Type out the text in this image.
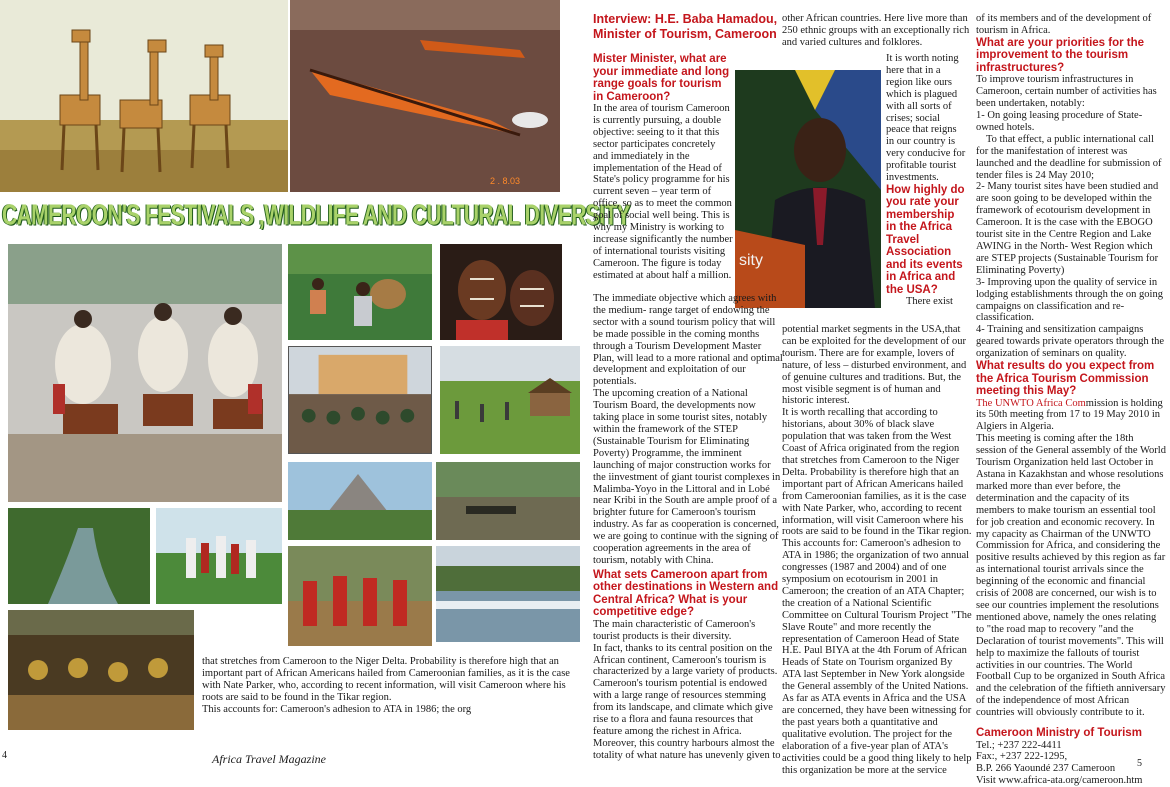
2 . 8.03
CAMEROON'S FESTIVALS ,WILDLIFE AND CULTURAL DIVERSITY
sity

that stretches from Cameroon to the Niger Delta. Probability is therefore high that an important part of African Americans hailed from Cameroonian families, as it is the case with Nate Parker, who, according to recent information, will visit Cameroon where his roots are said to be found in the Tikar region.

This accounts for: Cameroon's adhesion to ATA in 1986; the org

Interview: H.E. Baba Hamadou,
Minister of Tourism, Cameroon

Mister Minister, what are your immediate and long range goals for tourism in Cameroon?

In the area of tourism Cameroon is currently pursuing, a double objective: seeing to it that this sector participates concretely and immediately in the implementation of the Head of State's policy programme for his current seven – year term of office, so as to meet the common goal of social well being. This is why my Ministry is working to increase significantly the number of international tourists visiting Cameroon. The figure is today estimated at about half a million.

The immediate objective which agrees with the medium- range target of endowing the sector with a sound tourism policy that will be made possible in the coming months through a Tourism Development Master Plan, will lead to a more rational and optimal development and exploitation of our potentials.

The upcoming creation of a National Tourism Board, the developments now taking place in some tourist sites, notably within the framework of the STEP (Sustainable Tourism for Eliminating Poverty) Programme, the imminent launching of major construction works for the iinvestment of giant tourist complexes in Malimba-Yoyo in the Littoral and in Lobé near Kribi in the South are ample proof of a brighter future for Cameroon's tourism industry. As far as cooperation is concerned, we are going to continue with the signing of cooperation agreements in the area of tourism, notably with China.

What sets Cameroon apart from other destinations in Western and Central Africa? What is your competitive edge?

The main characteristic of Cameroon's tourist products is their diversity.

In fact, thanks to its central position on the African continent, Cameroon's tourism is characterized by a large variety of products. Cameroon's tourism potential is endowed with a large range of resources stemming from its landscape, and climate which give rise to a flora and fauna resources that feature among the richest in Africa. Moreover, this country harbours almost the totality of what nature has unevenly given to

other African countries. Here live more than 250 ethnic groups with an exceptionally rich and varied cultures and folklores.

It is worth noting here that in a region like ours which is plagued with all sorts of crises; social peace that reigns in our country is very conducive for profitable tourist investments.

How highly do you rate your membership in the Africa Travel Association and its events in Africa and the USA?

There exist

potential market segments in the USA,that can be exploited for the development of our tourism. There are for example, lovers of nature, of less – disturbed environment, and of genuine cultures and traditions. But, the most visible segment is of human and historic interest.

It is worth recalling that according to historians, about 30% of black slave population that was taken from the West Coast of Africa originated from the region that stretches from Cameroon to the Niger Delta. Probability is therefore high that an important part of African Americans hailed from Cameroonian families, as it is the case with Nate Parker, who, according to recent information, will visit Cameroon where his roots are said to be found in the Tikar region.

This accounts for: Cameroon's adhesion to ATA in 1986; the organization of two annual congresses (1987 and 2004) and of one symposium on ecotourism in 2001 in Cameroon; the creation of an ATA Chapter; the creation of a National Scientific Committee on Cultural Tourism Project "The Slave Route" and more recently the representation of Cameroon Head of State H.E. Paul BIYA at the 4th Forum of African Heads of State on Tourism organized By ATA last September in New York alongside the General assembly of the United Nations. As far as ATA events in Africa and the USA are concerned, they have been witnessing for the past years both a quantitative and qualitative evolution. The project for the elaboration of a five-year plan of ATA's activities could be a good thing likely to help this organization be more at the service

of its members and of the development of tourism in Africa.

What are your priorities for the improvement to the tourism infrastructures?

To improve tourism infrastructures in Cameroon, certain number of activities has been undertaken, notably:

1- On going leasing procedure of State-owned hotels.

To that effect, a public international call for the manifestation of interest was launched and the deadline for submission of tender files is 24 May 2010;

2- Many tourist sites have been studied and are soon going to be developed within the framework of ecotourism development in Cameroon. It is the case with the EBOGO tourist site in the Centre Region and Lake AWING in the North- West Region which are STEP projects (Sustainable Tourism for Eliminating Poverty)

3- Improving upon the quality of service in lodging establishments through the on going campaigns on classification and re-classification.

4- Training and sensitization campaigns geared towards private operators through the organization of seminars on quality.

What results do you expect from the Africa Tourism Commission meeting this May?

The UNWTO Africa Commission is holding its 50th meeting from 17 to 19 May 2010 in Algiers in Algeria.

This meeting is coming after the 18th session of the General assembly of the World Tourism Organization held last October in Astana in Kazakhstan and whose resolutions marked more than ever before, the determination and the capacity of its members to make tourism an essential tool for job creation and economic recovery. In my capacity as Chairman of the UNWTO Commission for Africa, and considering the positive results achieved by this region as far as international tourist arrivals since the beginning of the economic and financial crisis of 2008 are concerned, our wish is to see our countries implement the resolutions mentioned above, namely the ones relating to "the road map to recovery "and the Declaration of tourist movements". This will help to maximize the fallouts of tourist activities in our countries. The World Football Cup to be organized in South Africa and the celebration of the fiftieth anniversary of the independence of most African countries will obviously contribute to it.

Cameroon Ministry of Tourism

Tel.; +237 222-4411

Fax:, +237 222-1295,

B.P. 266 Yaoundé 237 Cameroon

Visit www.africa-ata.org/cameroon.htm

4	Africa Travel Magazine	5
